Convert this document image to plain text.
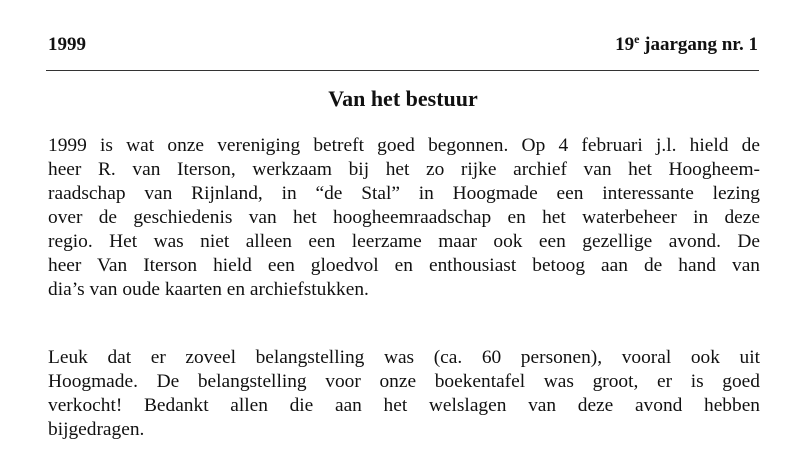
1999	19e jaargang nr. 1
Van het bestuur
1999 is wat onze vereniging betreft goed begonnen. Op 4 februari j.l. hield de
heer R. van Iterson, werkzaam bij het zo rijke archief van het Hoogheem-
raadschap van Rijnland, in “de Stal” in Hoogmade een interessante lezing
over de geschiedenis van het hoogheemraadschap en het waterbeheer in deze
regio. Het was niet alleen een leerzame maar ook een gezellige avond. De
heer Van Iterson hield een gloedvol en enthousiast betoog aan de hand van
dia’s van oude kaarten en archiefstukken.
Leuk dat er zoveel belangstelling was (ca. 60 personen), vooral ook uit
Hoogmade. De belangstelling voor onze boekentafel was groot, er is goed
verkocht! Bedankt allen die aan het welslagen van deze avond hebben
bijgedragen.
